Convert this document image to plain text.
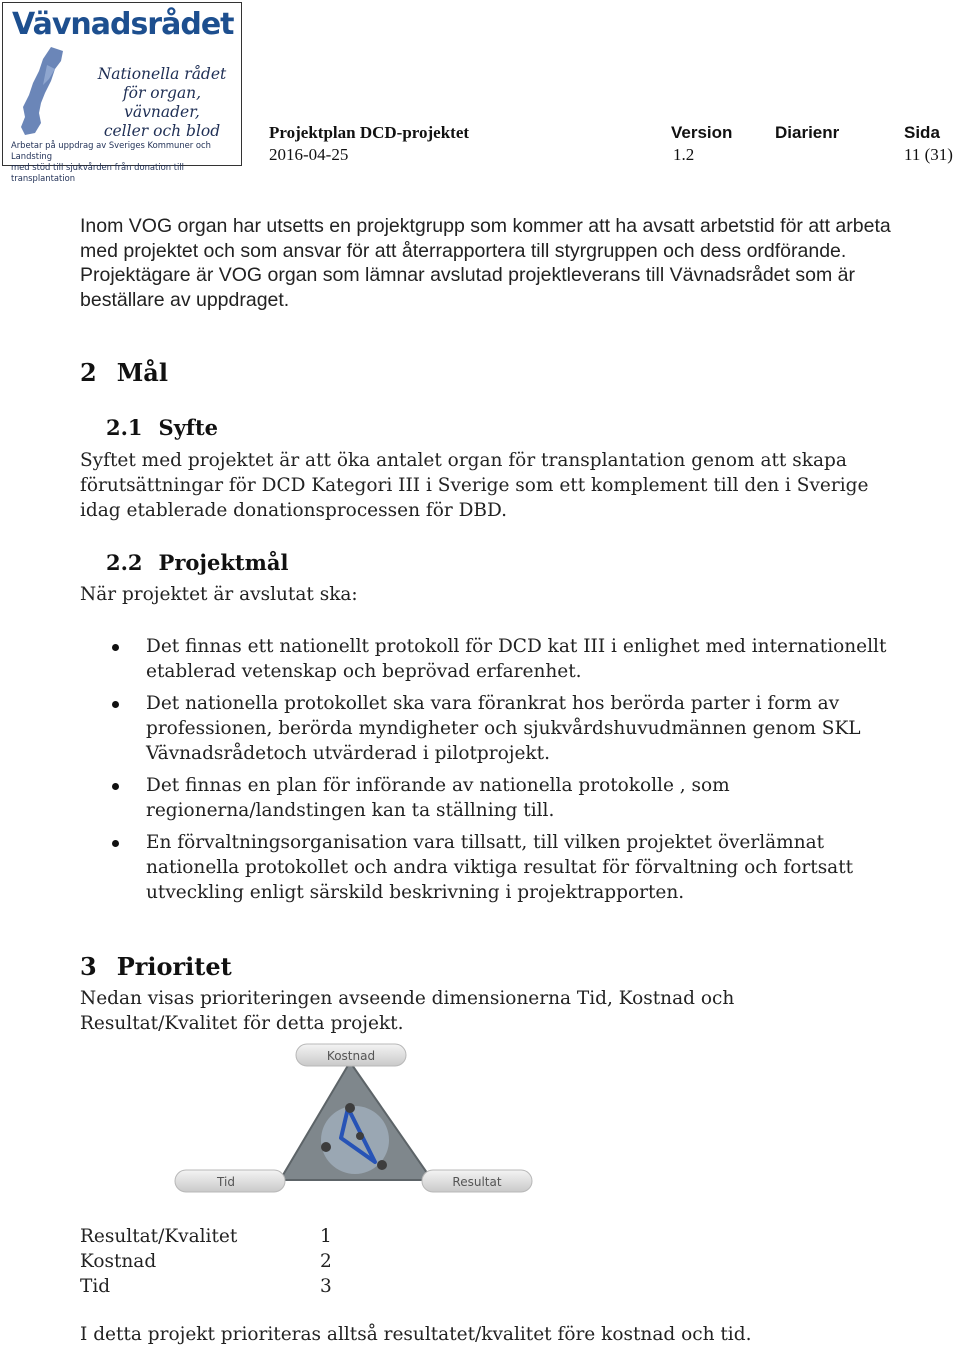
Vävnadsrådet
Nationella rådet
för organ, vävnader,
celler och blod
Arbetar på uppdrag av Sveriges Kommuner och Landsting
med stöd till sjukvården från donation till transplantation
Projektplan DCD-projektet
2016-04-25
Version
1.2
Diarienr	Sida
11 (31)
Inom VOG organ har utsetts en projektgrupp som kommer att ha avsatt arbetstid för att arbeta med projektet och som ansvar för att återrapportera till styrgruppen och dess ordförande. Projektägare är VOG organ som lämnar avslutad projektleverans till Vävnadsrådet som är beställare av uppdraget.
2 Mål
2.1 Syfte
Syftet med projektet är att öka antalet organ för transplantation genom att skapa förutsättningar för DCD Kategori III i Sverige som ett komplement till den i Sverige idag etablerade donationsprocessen för DBD.
2.2 Projektmål
När projektet är avslutat ska:
Det finnas ett nationellt protokoll för DCD kat III i enlighet med internationellt etablerad vetenskap och beprövad erfarenhet.
Det nationella protokollet ska vara förankrat hos berörda parter i form av professionen, berörda myndigheter och sjukvårdshuvudmännen genom SKL Vävnadsrådetoch utvärderad i pilotprojekt.
Det finnas en plan för införande av nationella protokolle , som regionerna/landstingen kan ta ställning till.
En förvaltningsorganisation vara tillsatt, till vilken projektet överlämnat nationella protokollet och andra viktiga resultat för förvaltning och fortsatt utveckling enligt särskild beskrivning i projektrapporten.
3 Prioritet
Nedan visas prioriteringen avseende dimensionerna Tid, Kostnad och Resultat/Kvalitet för detta projekt.
Kostnad
Tid	Resultat
Resultat/Kvalitet	1
Kostnad	2
Tid	3
I detta projekt prioriteras alltså resultatet/kvalitet före kostnad och tid.
